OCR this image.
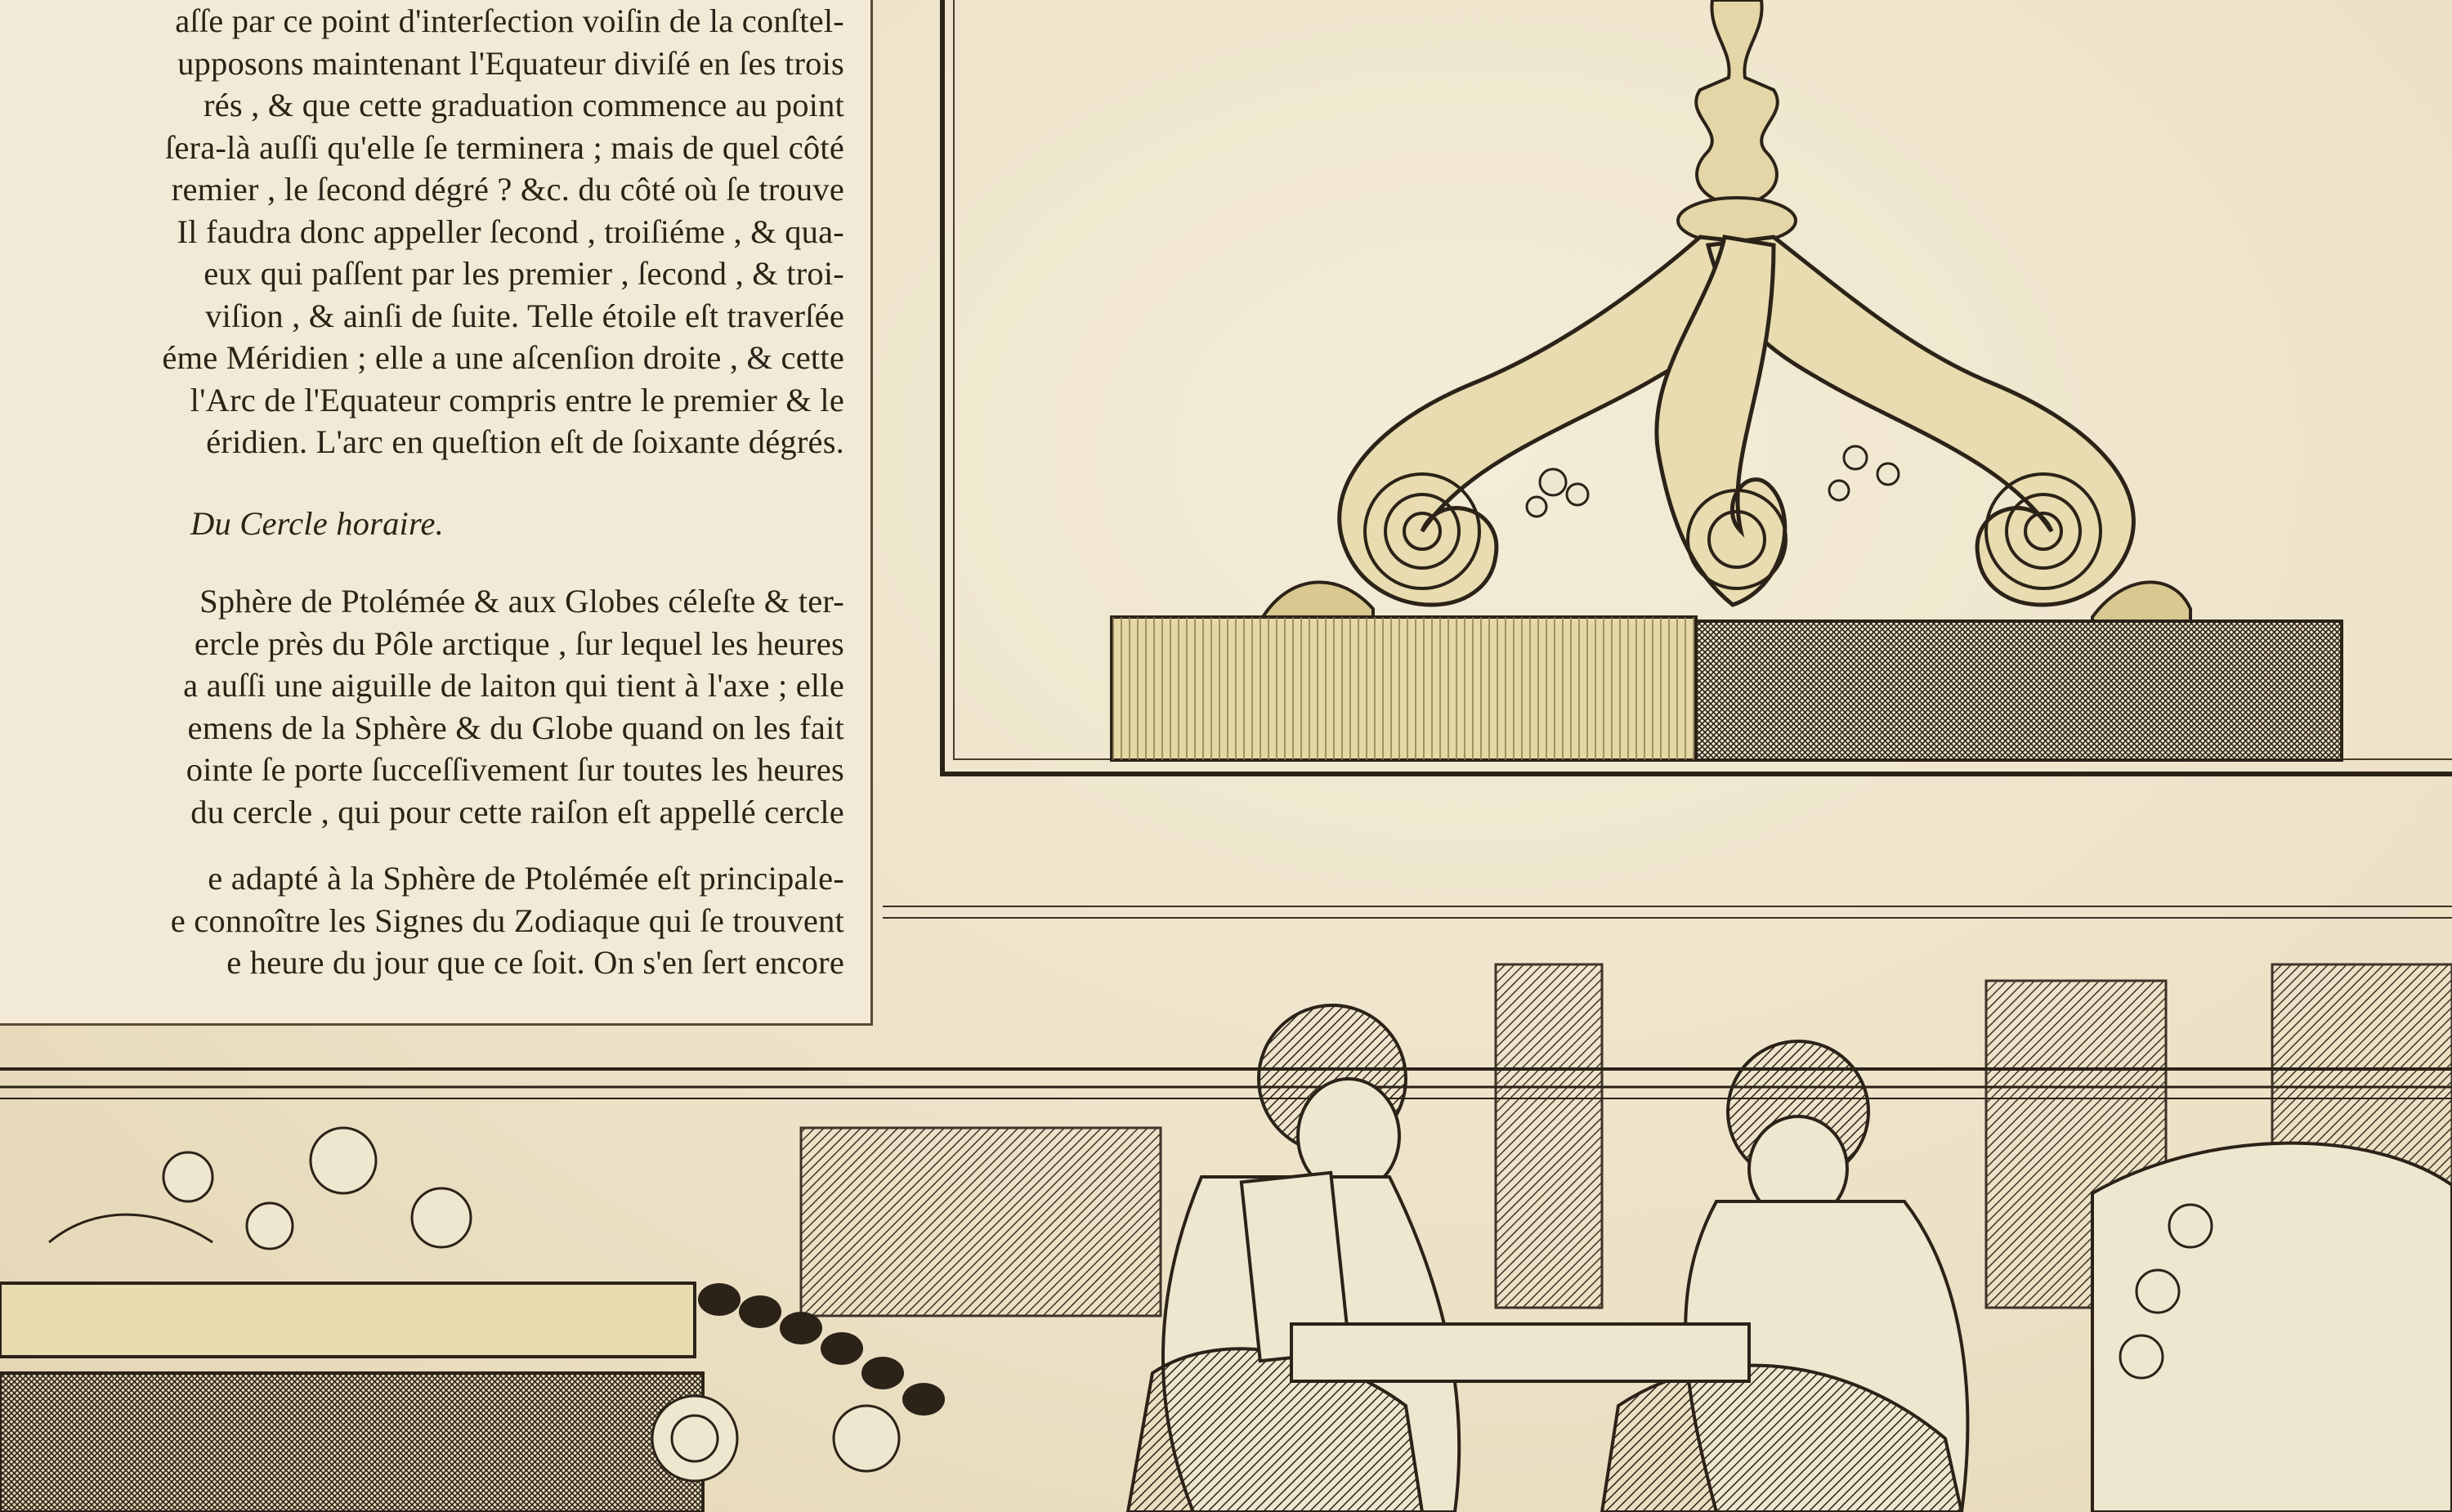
aſſe par ce point d'interſection voiſin de la conſtel-
upposons maintenant l'Equateur diviſé en ſes trois
rés , & que cette graduation commence au point
ſera-là auſſi qu'elle ſe terminera ; mais de quel côté
remier , le ſecond dégré ? &c. du côté où ſe trouve
Il faudra donc appeller ſecond , troiſiéme , & qua-
eux qui paſſent par les premier , ſecond , & troi-
viſion , & ainſi de ſuite. Telle étoile eſt traverſée
éme Méridien ; elle a une aſcenſion droite , & cette
l'Arc de l'Equateur compris entre le premier & le
éridien. L'arc en queſtion eſt de ſoixante dégrés.
Du Cercle horaire.
Sphère de Ptolémée & aux Globes céleſte & ter-
ercle près du Pôle arctique , ſur lequel les heures
a auſſi une aiguille de laiton qui tient à l'axe ; elle
emens de la Sphère & du Globe quand on les fait
ointe ſe porte ſucceſſivement ſur toutes les heures
du cercle , qui pour cette raiſon eſt appellé cercle
e adapté à la Sphère de Ptolémée eſt principale-
e connoître les Signes du Zodiaque qui ſe trouvent
e heure du jour que ce ſoit. On s'en ſert encore
